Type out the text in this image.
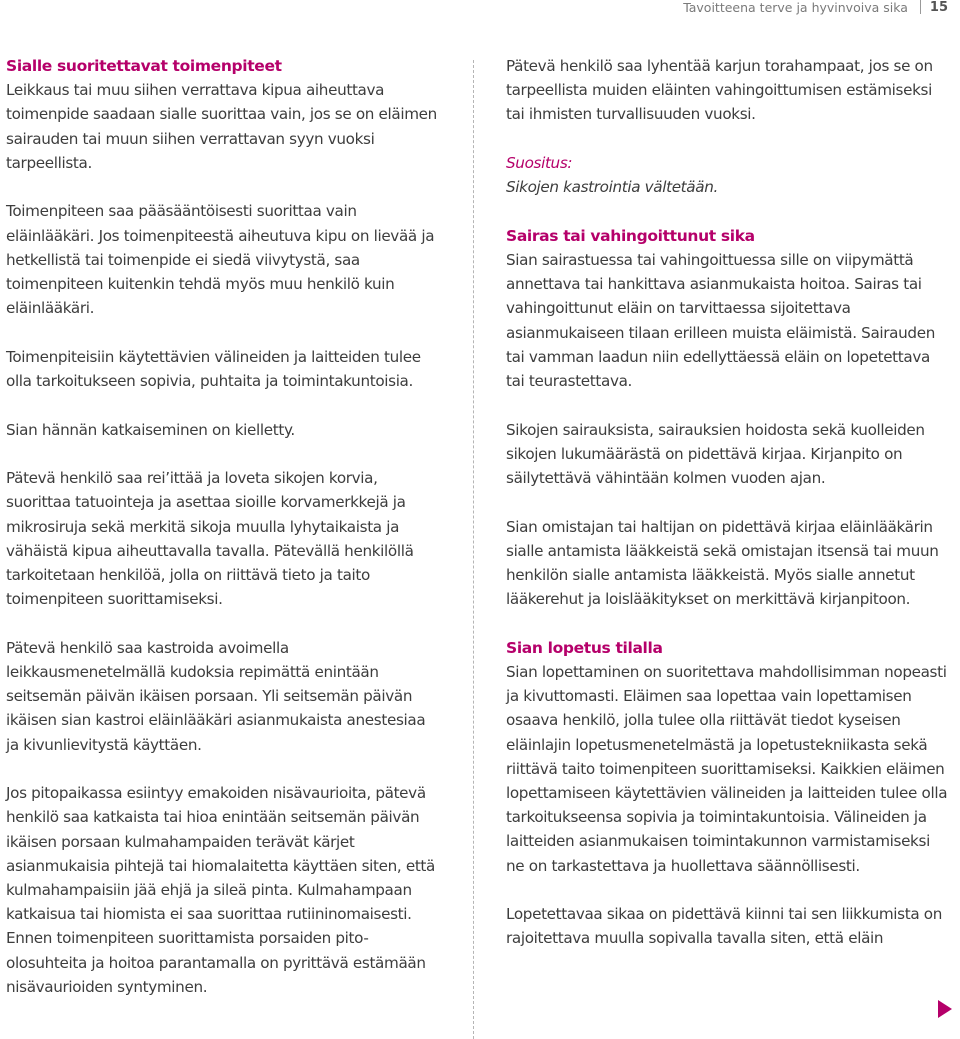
Tavoitteena terve ja hyvinvoiva sika 15

Sialle suoritettavat toimenpiteet
Leikkaus tai muu siihen verrattava kipua aiheuttava toimenpide saadaan sialle suorittaa vain, jos se on eläimen sairauden tai muun siihen verrattavan syyn vuoksi tarpeellista.

Toimenpiteen saa pääsääntöisesti suorittaa vain eläinlääkäri. Jos toimenpiteestä aiheutuva kipu on lievää ja hetkellistä tai toimenpide ei siedä viivytystä, saa toimenpiteen kuitenkin tehdä myös muu henkilö kuin eläinlääkäri.

Toimenpiteisiin käytettävien välineiden ja laitteiden tulee olla tarkoitukseen sopivia, puhtaita ja toimintakuntoisia.

Sian hännän katkaiseminen on kielletty.

Pätevä henkilö saa rei’ittää ja loveta sikojen korvia, suorittaa tatuointeja ja asettaa sioille korvamerkkejä ja mikrosiruja sekä merkitä sikoja muulla lyhytaikaista ja vähäistä kipua aiheuttavalla tavalla. Pätevällä henkilöllä tarkoitetaan henkilöä, jolla on riittävä tieto ja taito toimenpiteen suorittamiseksi.

Pätevä henkilö saa kastroida avoimella leikkausmenetelmällä kudoksia repimättä enintään seitsemän päivän ikäisen porsaan. Yli seitsemän päivän ikäisen sian kastroi eläinlääkäri asianmukaista anestesiaa ja kivunlievitystä käyttäen.

Jos pitopaikassa esiintyy emakoiden nisävaurioita, pätevä henkilö saa katkaista tai hioa enintään seitsemän päivän ikäisen porsaan kulmahampaiden terävät kärjet asianmukaisia pihtejä tai hiomalaitetta käyttäen siten, että kulmahampaisiin jää ehjä ja sileä pinta. Kulmahampaan katkaisua tai hiomista ei saa suorittaa rutiininomaisesti. Ennen toimenpiteen suorittamista porsaiden pito-olosuhteita ja hoitoa parantamalla on pyrittävä estämään nisävaurioiden syntyminen.

Pätevä henkilö saa lyhentää karjun torahampaat, jos se on tarpeellista muiden eläinten vahingoittumisen estämiseksi tai ihmisten turvallisuuden vuoksi.

Suositus:
Sikojen kastrointia vältetään.

Sairas tai vahingoittunut sika
Sian sairastuessa tai vahingoittuessa sille on viipymättä annettava tai hankittava asianmukaista hoitoa. Sairas tai vahingoittunut eläin on tarvittaessa sijoitettava asianmukaiseen tilaan erilleen muista eläimistä. Sairauden tai vamman laadun niin edellyttäessä eläin on lopetettava tai teurastettava.

Sikojen sairauksista, sairauksien hoidosta sekä kuolleiden sikojen lukumäärästä on pidettävä kirjaa. Kirjanpito on säilytettävä vähintään kolmen vuoden ajan.

Sian omistajan tai haltijan on pidettävä kirjaa eläinlääkärin sialle antamista lääkkeistä sekä omistajan itsensä tai muun henkilön sialle antamista lääkkeistä. Myös sialle annetut lääkerehut ja loislääkitykset on merkittävä kirjanpitoon.

Sian lopetus tilalla
Sian lopettaminen on suoritettava mahdollisimman nopeasti ja kivuttomasti. Eläimen saa lopettaa vain lopettamisen osaava henkilö, jolla tulee olla riittävät tiedot kyseisen eläinlajin lopetusmenetelmästä ja lopetustekniikasta sekä riittävä taito toimenpiteen suorittamiseksi. Kaikkien eläimen lopettamiseen käytettävien välineiden ja laitteiden tulee olla tarkoitukseensa sopivia ja toimintakuntoisia. Välineiden ja laitteiden asianmukaisen toimintakunnon varmistamiseksi ne on tarkastettava ja huollettava säännöllisesti.

Lopetettavaa sikaa on pidettävä kiinni tai sen liikkumista on rajoitettava muulla sopivalla tavalla siten, että eläin
